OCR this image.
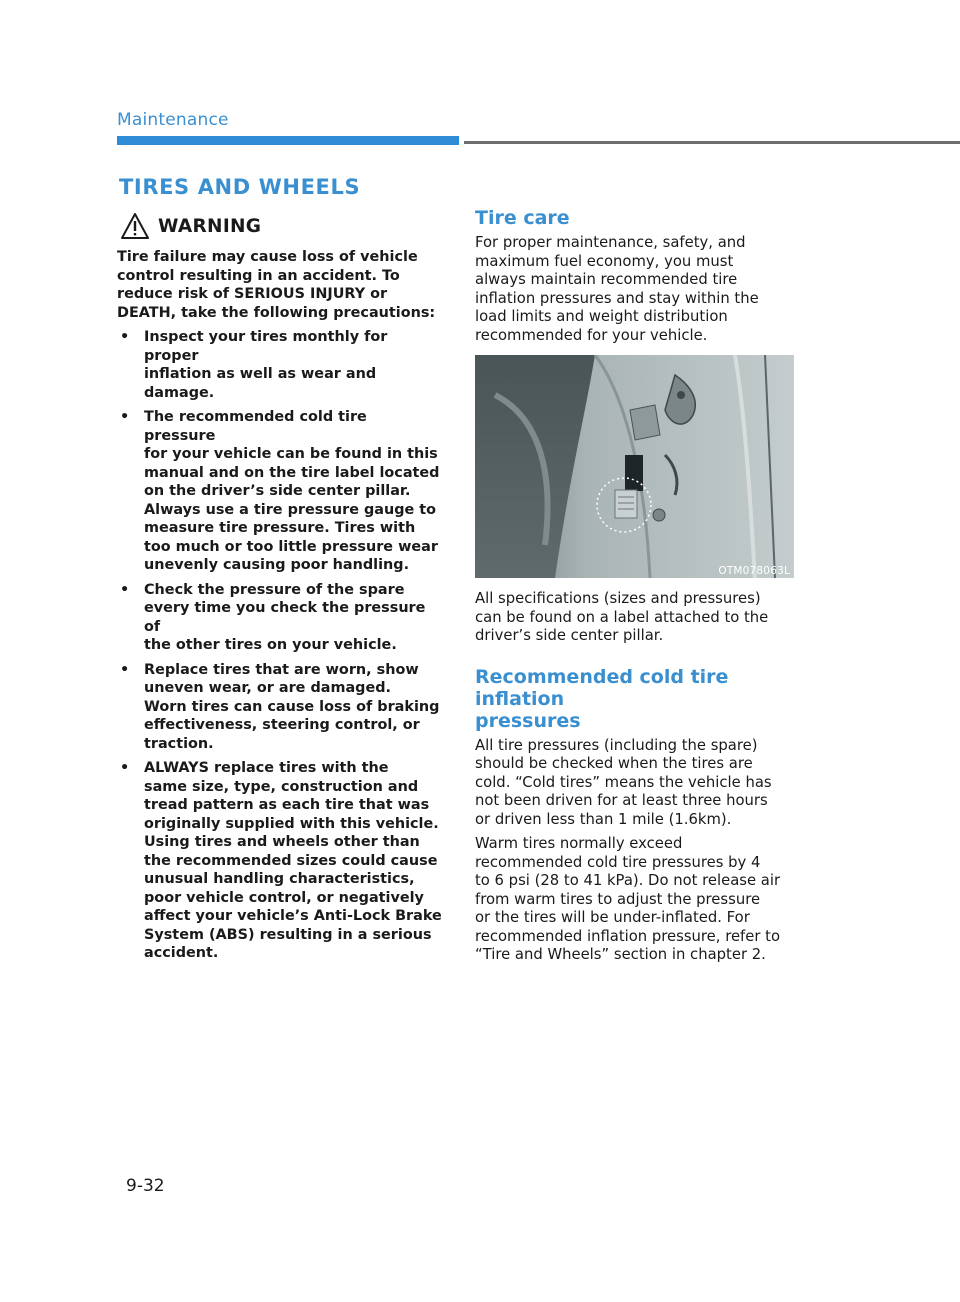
Maintenance
TIRES AND WHEELS
WARNING

Tire failure may cause loss of vehicle
control resulting in an accident. To
reduce risk of SERIOUS INJURY or
DEATH, take the following precautions:

• Inspect your tires monthly for proper
inflation as well as wear and damage.
• The recommended cold tire pressure
for your vehicle can be found in this
manual and on the tire label located
on the driver’s side center pillar.
Always use a tire pressure gauge to
measure tire pressure. Tires with
too much or too little pressure wear
unevenly causing poor handling.
• Check the pressure of the spare
every time you check the pressure of
the other tires on your vehicle.
• Replace tires that are worn, show
uneven wear, or are damaged.
Worn tires can cause loss of braking
effectiveness, steering control, or
traction.
• ALWAYS replace tires with the
same size, type, construction and
tread pattern as each tire that was
originally supplied with this vehicle.
Using tires and wheels other than
the recommended sizes could cause
unusual handling characteristics,
poor vehicle control, or negatively
affect your vehicle’s Anti-Lock Brake
System (ABS) resulting in a serious
accident.
Tire care

For proper maintenance, safety, and
maximum fuel economy, you must
always maintain recommended tire
inflation pressures and stay within the
load limits and weight distribution
recommended for your vehicle.

OTM078063L

All specifications (sizes and pressures)
can be found on a label attached to the
driver’s side center pillar.

Recommended cold tire inflation
pressures

All tire pressures (including the spare)
should be checked when the tires are
cold. “Cold tires” means the vehicle has
not been driven for at least three hours
or driven less than 1 mile (1.6km).

Warm tires normally exceed
recommended cold tire pressures by 4
to 6 psi (28 to 41 kPa). Do not release air
from warm tires to adjust the pressure
or the tires will be under-inflated. For
recommended inflation pressure, refer to
“Tire and Wheels” section in chapter 2.

9-32
